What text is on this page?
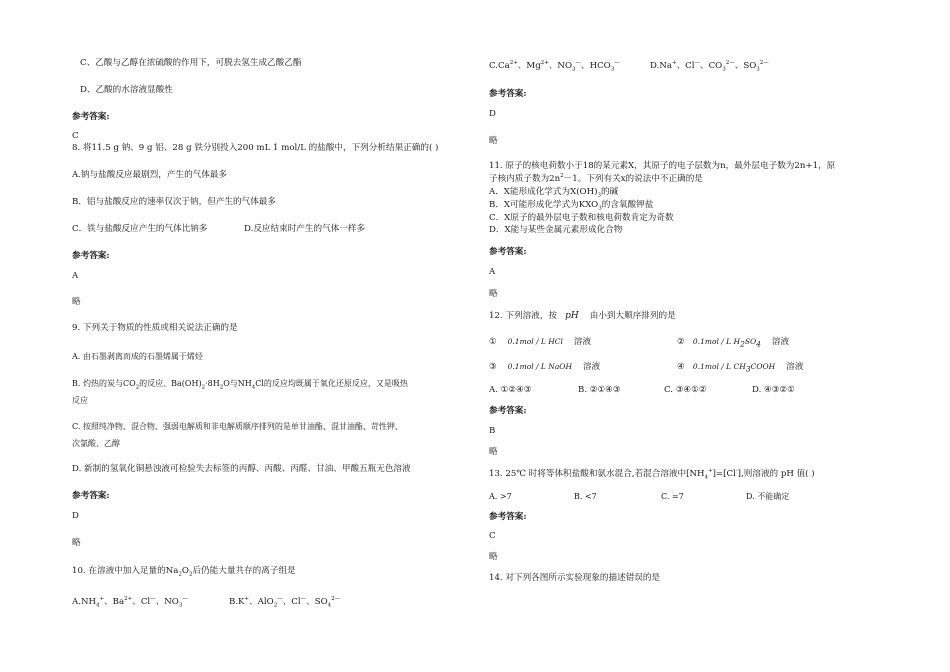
C、乙酸与乙醇在浓硫酸的作用下，可脱去氢生成乙酸乙酯
D、乙酸的水溶液显酸性
参考答案:
C
8. 将11.5 g 钠、9 g 铝、28 g 铁分别投入200 mL 1 mol/L 的盐酸中，下列分析结果正确的( )
A.钠与盐酸反应最剧烈，产生的气体最多
B．铝与盐酸反应的速率仅次于钠，但产生的气体最多
C．铁与盐酸反应产生的气体比钠多	D.反应结束时产生的气体一样多
参考答案:
A
略
9. 下列关于物质的性质或相关说法正确的是
A. 由石墨剥离而成的石墨烯属于烯烃
B. 灼热的炭与$CO_2$的反应、$Ba(OH)_2\cdot 8H_2O$与$NH_4Cl$的反应均既属于氧化还原反应，又是吸热
反应
C. 按照纯净物、混合物、强弱电解质和非电解质顺序排列的是单甘油酯、混甘油酯、苛性钾、
次氯酸、乙醇
D. 新制的氢氧化铜悬浊液可检验失去标签的丙醇、丙酸、丙醛、甘油、甲酸五瓶无色溶液
参考答案:
D
略
10. 在溶液中加入足量的$Na_2O_2$后仍能大量共存的离子组是
$A.NH_4^+$、$Ba^{2+}$、Cl—、$NO_3^—$	B.K+、AlO$_2$—、Cl—、$SO_4^{2—}$
$C.Ca^{2+}$、$Mg^{2+}$、$NO_3^—$、$HCO_3^—$	D.Na+、Cl—、$CO_3^{2—}$、$SO_3^{2—}$
参考答案:
D
略
11. 原子的核电荷数小于18的某元素X，其原子的电子层数为n，最外层电子数为2n+1，原
子核内质子数为$2n^2-1$。下列有关x的说法中不正确的是
A．X能形成化学式为$X(OH)_3$的碱
B．X可能形成化学式为$KXO_3$的含氧酸钾盐
C．X原子的最外层电子数和核电荷数肯定为奇数
D．X能与某些金属元素形成化合物
参考答案:
A
略
12. 下列溶液，按 pH 由小到大顺序排列的是
① 0.1mol / L HCl 溶液	② 0.1mol / L $H_2SO_4$ 溶液
③ 0.1mol / L NaOH 溶液	④ 0.1mol / L $CH_3COOH$ 溶液
A. ①②④③	B. ②①④③	C. ③④①②	D. ④③②①
参考答案:
B
略
13. 25℃ 时将等体积盐酸和氨水混合,若混合溶液中$[NH_4^+]=[Cl^-]$,则溶液的 pH 值( )
A. >7	B. <7	C. =7	D. 不能确定
参考答案:
C
略
14. 对下列各图所示实验现象的描述错误的是
